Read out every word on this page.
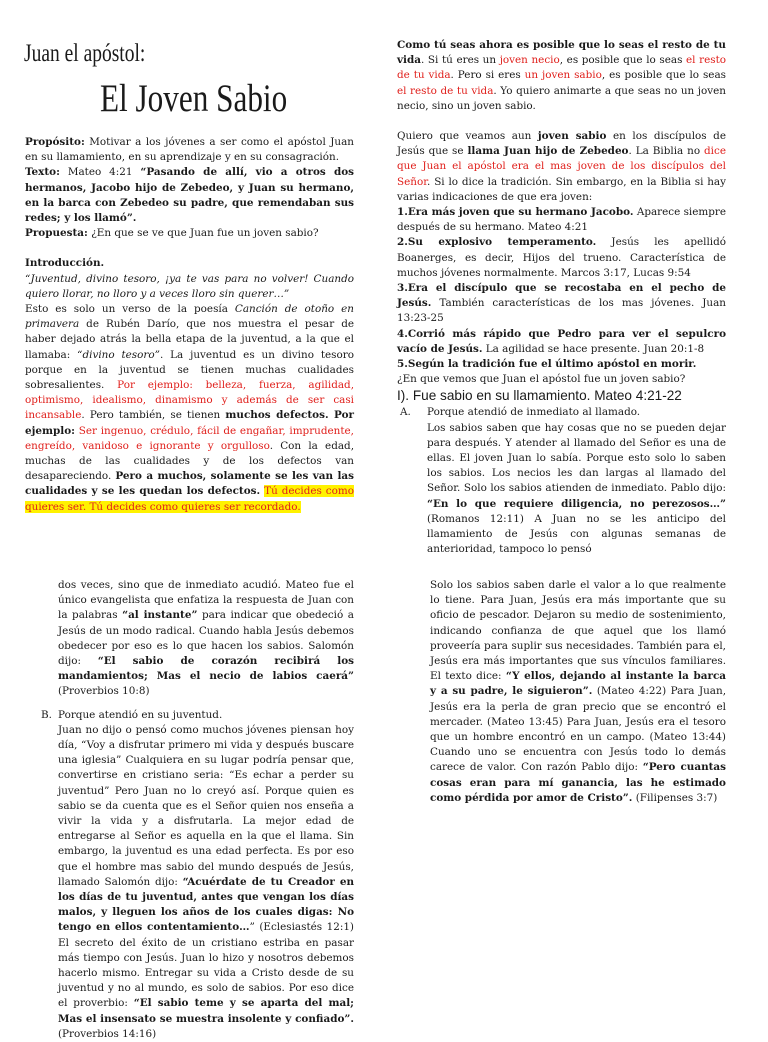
Juan el apóstol:
El Joven Sabio

Propósito: Motivar a los jóvenes a ser como el apóstol Juan en su llamamiento, en su aprendizaje y en su consagración.

Texto: Mateo 4:21 “Pasando de allí, vio a otros dos hermanos, Jacobo hijo de Zebedeo, y Juan su hermano, en la barca con Zebedeo su padre, que remendaban sus redes; y los llamó”.

Propuesta: ¿En que se ve que Juan fue un joven sabio?

Introducción.

“Juventud, divino tesoro, ¡ya te vas para no volver! Cuando quiero llorar, no lloro y a veces lloro sin querer…”

Esto es solo un verso de la poesía Canción de otoño en primavera de Rubén Darío, que nos muestra el pesar de haber dejado atrás la bella etapa de la juventud, a la que el llamaba: “divino tesoro”. La juventud es un divino tesoro porque en la juventud se tienen muchas cualidades sobresalientes. Por ejemplo: belleza, fuerza, agilidad, optimismo, idealismo, dinamismo y además de ser casi incansable. Pero también, se tienen muchos defectos. Por ejemplo: Ser ingenuo, crédulo, fácil de engañar, imprudente, engreído, vanidoso e ignorante y orgulloso. Con la edad, muchas de las cualidades y de los defectos van desapareciendo. Pero a muchos, solamente se les van las cualidades y se les quedan los defectos. Tú decides como quieres ser. Tú decides como quieres ser recordado.

Como tú seas ahora es posible que lo seas el resto de tu vida. Si tú eres un joven necio, es posible que lo seas el resto de tu vida. Pero si eres un joven sabio, es posible que lo seas el resto de tu vida. Yo quiero animarte a que seas no un joven necio, sino un joven sabio.

Quiero que veamos aun joven sabio en los discípulos de Jesús que se llama Juan hijo de Zebedeo. La Biblia no dice que Juan el apóstol era el mas joven de los discípulos del Señor. Si lo dice la tradición. Sin embargo, en la Biblia si hay varias indicaciones de que era joven:

1.Era más joven que su hermano Jacobo. Aparece siempre después de su hermano. Mateo 4:21

2.Su explosivo temperamento. Jesús les apellidó Boanerges, es decir, Hijos del trueno. Característica de muchos jóvenes normalmente. Marcos 3:17, Lucas 9:54

3.Era el discípulo que se recostaba en el pecho de Jesús. También características de los mas jóvenes. Juan 13:23-25

4.Corrió más rápido que Pedro para ver el sepulcro vacío de Jesús. La agilidad se hace presente. Juan 20:1-8

5.Según la tradición fue el último apóstol en morir.

¿En que vemos que Juan el apóstol fue un joven sabio?

I). Fue sabio en su llamamiento. Mateo 4:21-22

A. Porque atendió de inmediato al llamado.

Los sabios saben que hay cosas que no se pueden dejar para después. Y atender al llamado del Señor es una de ellas. El joven Juan lo sabía. Porque esto solo lo saben los sabios. Los necios les dan largas al llamado del Señor. Solo los sabios atienden de inmediato. Pablo dijo: “En lo que requiere diligencia, no perezosos…” (Romanos 12:11) A Juan no se les anticipo del llamamiento de Jesús con algunas semanas de anterioridad, tampoco lo pensó

dos veces, sino que de inmediato acudió. Mateo fue el único evangelista que enfatiza la respuesta de Juan con la palabras “al instante” para indicar que obedeció a Jesús de un modo radical. Cuando habla Jesús debemos obedecer por eso es lo que hacen los sabios. Salomón dijo: “El sabio de corazón recibirá los mandamientos; Mas el necio de labios caerá” (Proverbios 10:8)

B. Porque atendió en su juventud.

Juan no dijo o pensó como muchos jóvenes piensan hoy día, “Voy a disfrutar primero mi vida y después buscare una iglesia” Cualquiera en su lugar podría pensar que, convertirse en cristiano seria: “Es echar a perder su juventud” Pero Juan no lo creyó así. Porque quien es sabio se da cuenta que es el Señor quien nos enseña a vivir la vida y a disfrutarla. La mejor edad de entregarse al Señor es aquella en la que el llama. Sin embargo, la juventud es una edad perfecta. Es por eso que el hombre mas sabio del mundo después de Jesús, llamado Salomón dijo: “Acuérdate de tu Creador en los días de tu juventud, antes que vengan los días malos, y lleguen los años de los cuales digas: No tengo en ellos contentamiento…” (Eclesiastés 12:1) El secreto del éxito de un cristiano estriba en pasar más tiempo con Jesús. Juan lo hizo y nosotros debemos hacerlo mismo. Entregar su vida a Cristo desde de su juventud y no al mundo, es solo de sabios. Por eso dice el proverbio: “El sabio teme y se aparta del mal; Mas el insensato se muestra insolente y confiado”. (Proverbios 14:16)

Solo los sabios saben darle el valor a lo que realmente lo tiene. Para Juan, Jesús era más importante que su oficio de pescador. Dejaron su medio de sostenimiento, indicando confianza de que aquel que los llamó proveería para suplir sus necesidades. También para el, Jesús era más importantes que sus vínculos familiares. El texto dice: “Y ellos, dejando al instante la barca y a su padre, le siguieron”. (Mateo 4:22) Para Juan, Jesús era la perla de gran precio que se encontró el mercader. (Mateo 13:45) Para Juan, Jesús era el tesoro que un hombre encontró en un campo. (Mateo 13:44) Cuando uno se encuentra con Jesús todo lo demás carece de valor. Con razón Pablo dijo: “Pero cuantas cosas eran para mí ganancia, las he estimado como pérdida por amor de Cristo”. (Filipenses 3:7)
